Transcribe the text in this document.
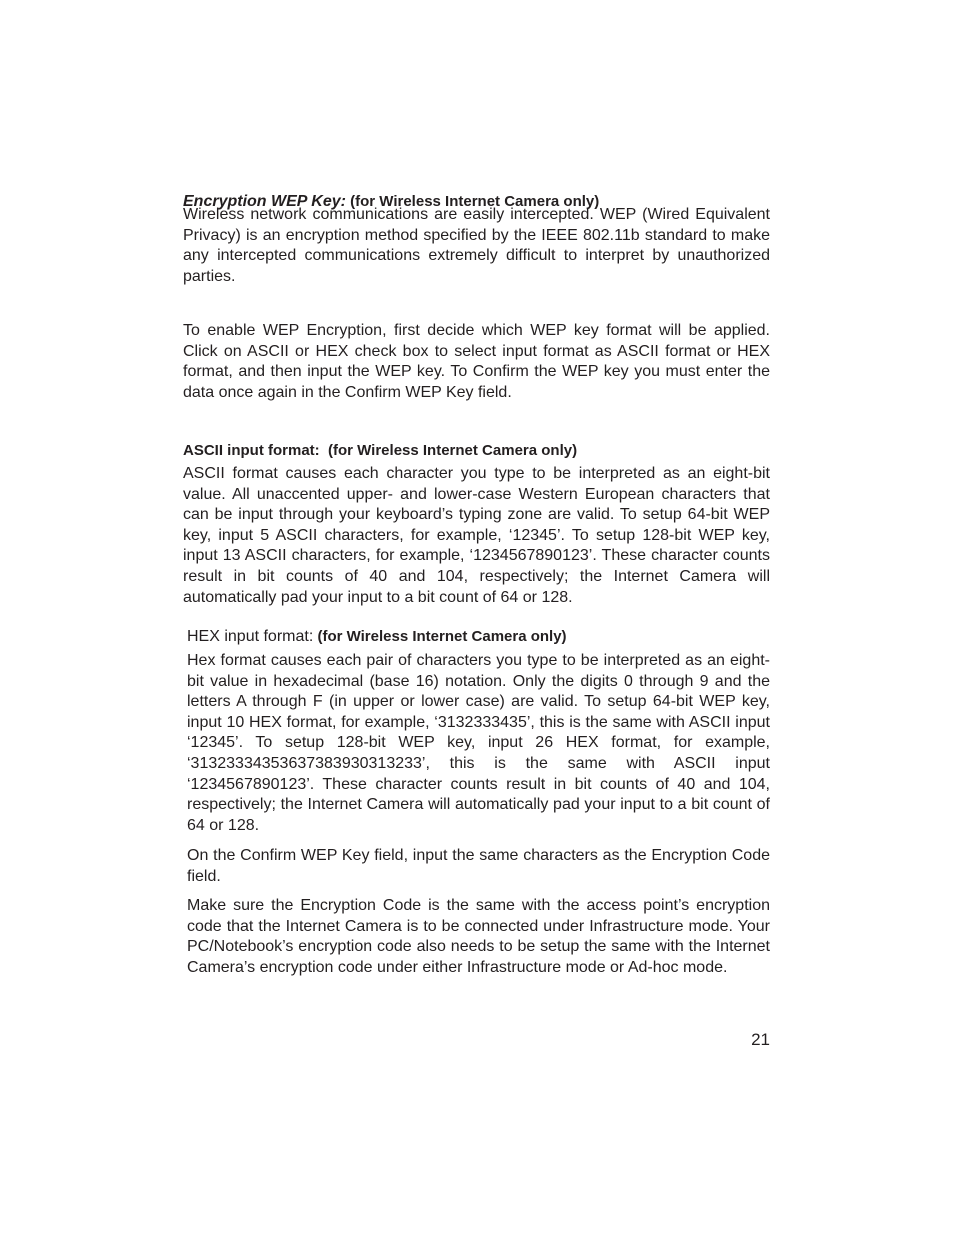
Encryption WEP Key: (for Wireless Internet Camera only)

Wireless network communications are easily intercepted. WEP (Wired Equivalent Privacy) is an encryption method specified by the IEEE 802.11b standard to make any intercepted communications extremely difficult to interpret by unauthorized parties.

To enable WEP Encryption, first decide which WEP key format will be applied. Click on ASCII or HEX check box to select input format as ASCII format or HEX format, and then input the WEP key. To Confirm the WEP key you must enter the data once again in the Confirm WEP Key field.

ASCII input format:  (for Wireless Internet Camera only)

ASCII format causes each character you type to be interpreted as an eight-bit value. All unaccented upper- and lower-case Western European characters that can be input through your keyboard’s typing zone are valid. To setup 64-bit WEP key, input 5 ASCII characters, for example, ‘12345’. To setup 128-bit WEP key, input 13 ASCII characters, for example, ‘1234567890123’. These character counts result in bit counts of 40 and 104, respectively; the Internet Camera will automatically pad your input to a bit count of 64 or 128.

HEX input format: (for Wireless Internet Camera only)

Hex format causes each pair of characters you type to be interpreted as an eight-bit value in hexadecimal (base 16) notation. Only the digits 0 through 9 and the letters A through F (in upper or lower case) are valid. To setup 64-bit WEP key, input 10 HEX format, for example, ‘3132333435’, this is the same with ASCII input ‘12345’. To setup 128-bit WEP key, input 26 HEX format, for example, ‘31323334353637383930313233’, this is the same with ASCII input ‘1234567890123’. These character counts result in bit counts of 40 and 104, respectively; the Internet Camera will automatically pad your input to a bit count of 64 or 128.

On the Confirm WEP Key field, input the same characters as the Encryption Code field.

Make sure the Encryption Code is the same with the access point’s encryption code that the Internet Camera is to be connected under Infrastructure mode. Your PC/Notebook’s encryption code also needs to be setup the same with the Internet Camera’s encryption code under either Infrastructure mode or Ad-hoc mode.

21
